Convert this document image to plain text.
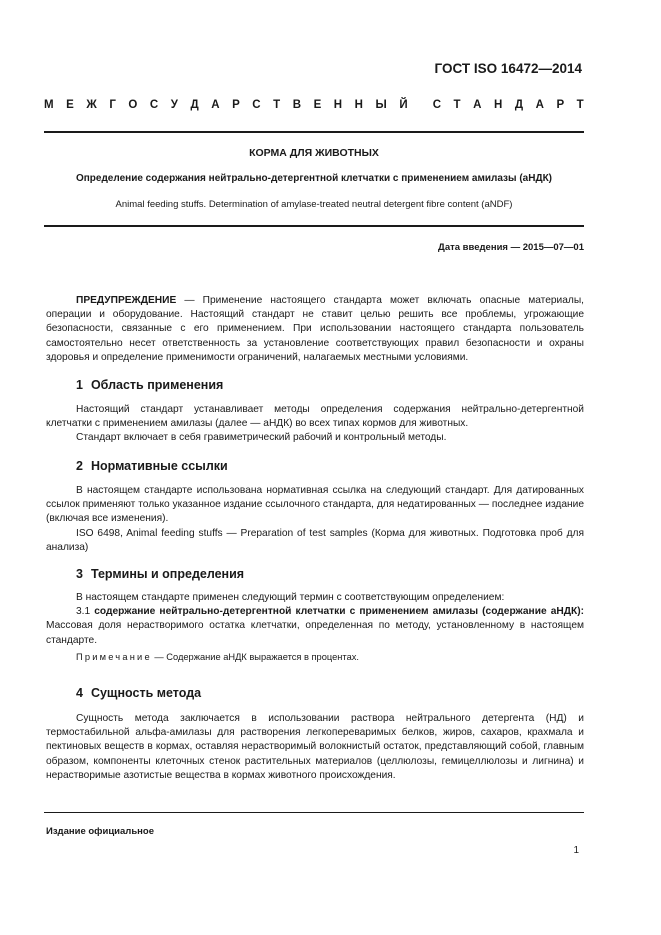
ГОСТ ISO 16472—2014
М Е Ж Г О С У Д А Р С Т В Е Н Н Ы Й С Т А Н Д А Р Т
КОРМА ДЛЯ ЖИВОТНЫХ
Определение содержания нейтрально-детергентной клетчатки с применением амилазы (аНДК)
Animal feeding stuffs. Determination of amylase-treated neutral detergent fibre content (aNDF)
Дата введения — 2015—07—01

ПРЕДУПРЕЖДЕНИЕ — Применение настоящего стандарта может включать опасные материалы, операции и оборудование. Настоящий стандарт не ставит целью решить все проблемы, угрожающие безопасности, связанные с его применением. При использовании настоящего стандарта пользователь самостоятельно несет ответственность за установление соответствующих правил безопасности и охраны здоровья и определение применимости ограничений, налагаемых местными условиями.

1 Область применения

Настоящий стандарт устанавливает методы определения содержания нейтрально-детергентной клетчатки с применением амилазы (далее — аНДК) во всех типах кормов для животных.

Стандарт включает в себя гравиметрический рабочий и контрольный методы.

2 Нормативные ссылки

В настоящем стандарте использована нормативная ссылка на следующий стандарт. Для датированных ссылок применяют только указанное издание ссылочного стандарта, для недатированных — последнее издание (включая все изменения).

ISO 6498, Animal feeding stuffs — Preparation of test samples (Корма для животных. Подготовка проб для анализа)

3 Термины и определения

В настоящем стандарте применен следующий термин с соответствующим определением:

3.1 содержание нейтрально-детергентной клетчатки с применением амилазы (содержание аНДК): Массовая доля нерастворимого остатка клетчатки, определенная по методу, установленному в настоящем стандарте.

Примечание — Содержание аНДК выражается в процентах.
4 Сущность метода

Сущность метода заключается в использовании раствора нейтрального детергента (НД) и термостабильной альфа-амилазы для растворения легкопереваримых белков, жиров, сахаров, крахмала и пектиновых веществ в кормах, оставляя нерастворимый волокнистый остаток, представляющий собой, главным образом, компоненты клеточных стенок растительных материалов (целлюлозы, гемицеллюлозы и лигнина) и нерастворимые азотистые вещества в кормах животного происхождения.

Издание официальное
1
